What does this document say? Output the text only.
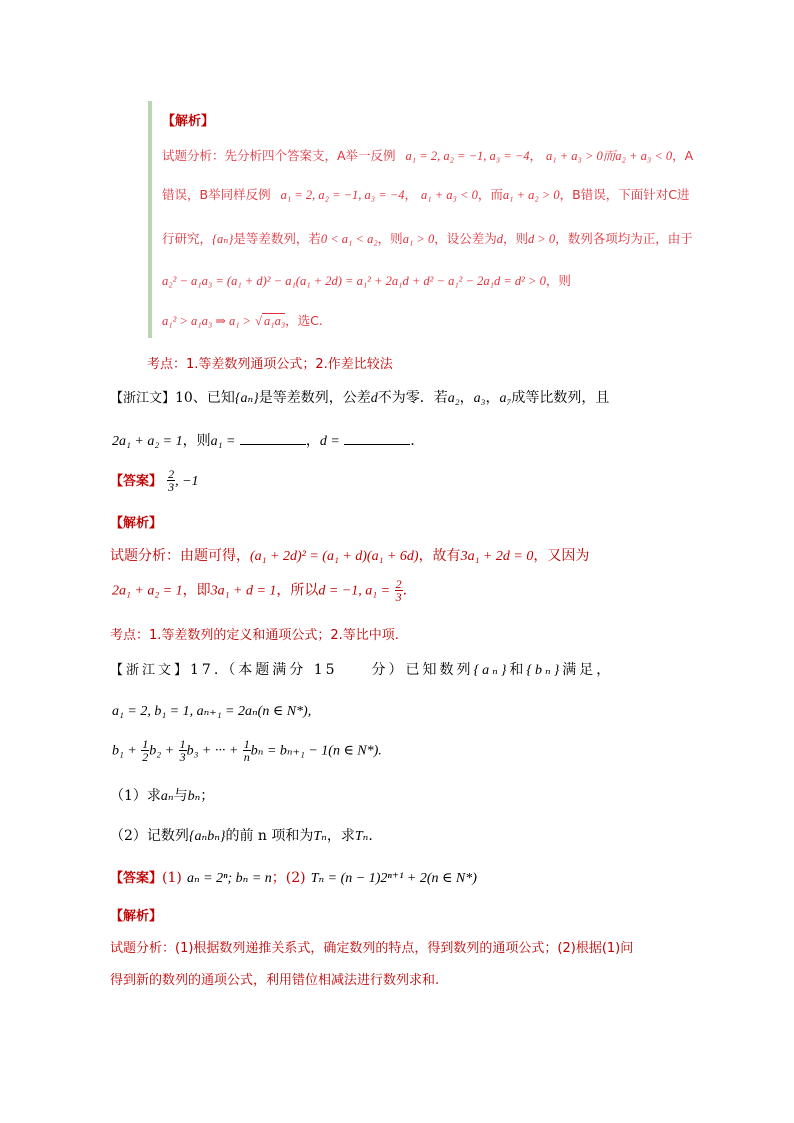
【解析】
试题分析：先分析四个答案支，A举一反例 a₁ = 2, a₂ = −1, a₃ = −4， a₁ + a₃ > 0而a₂ + a₃ < 0，A
错误，B举同样反例 a₁ = 2, a₂ = −1, a₃ = −4， a₁ + a₃ < 0，而a₁ + a₂ > 0，B错误，下面针对C进
行研究，{aₙ}是等差数列，若0 < a₁ < a₂，则a₁ > 0，设公差为d，则d > 0，数列各项均为正，由于
a₂² − a₁a₃ = (a₁ + d)² − a₁(a₁ + 2d) = a₁² + 2a₁d + d² − a₁² − 2a₁d = d² > 0，则
a₁² > a₁a₃ ⇒ a₁ > √ a₁a₃，选C.
考点：1.等差数列通项公式；2.作差比较法
【浙江文】10、已知{aₙ}是等差数列，公差d不为零．若a₂，a₃，a₇成等比数列，且
2a₁ + a₂ = 1，则a₁ =	，d =	．
【答案】 $\frac{2}{3}$ , −1
【解析】
试题分析：由题可得，(a₁ + 2d)² = (a₁ + d)(a₁ + 6d)，故有3a₁ + 2d = 0，又因为
2a₁ + a₂ = 1，即3a₁ + d = 1，所以d = −1, $a_1 = \frac{2}{3}$ .
考点：1.等差数列的定义和通项公式；2.等比中项.
【浙江文】17.（本题满分 15　　分）已知数列{aₙ}和{bₙ}满足，
a₁ = 2, b₁ = 1, aₙ₊₁ = 2aₙ(n ∈ N*),
$b_1 + \frac{1}{2} b_2 + \frac{1}{3} b_3$ + ··· + $\frac{1}{n}$ bₙ = bₙ₊₁ − 1(n ∈ N*).
（1）求aₙ与bₙ；
（2）记数列{aₙbₙ}的前 n 项和为Tₙ，求Tₙ.
【答案】(1) aₙ = 2ⁿ; bₙ = n；(2) Tₙ = (n − 1)2ⁿ⁺¹ + 2(n ∈ N*)
【解析】
试题分析：(1)根据数列递推关系式，确定数列的特点，得到数列的通项公式；(2)根据(1)问
得到新的数列的通项公式，利用错位相减法进行数列求和.
